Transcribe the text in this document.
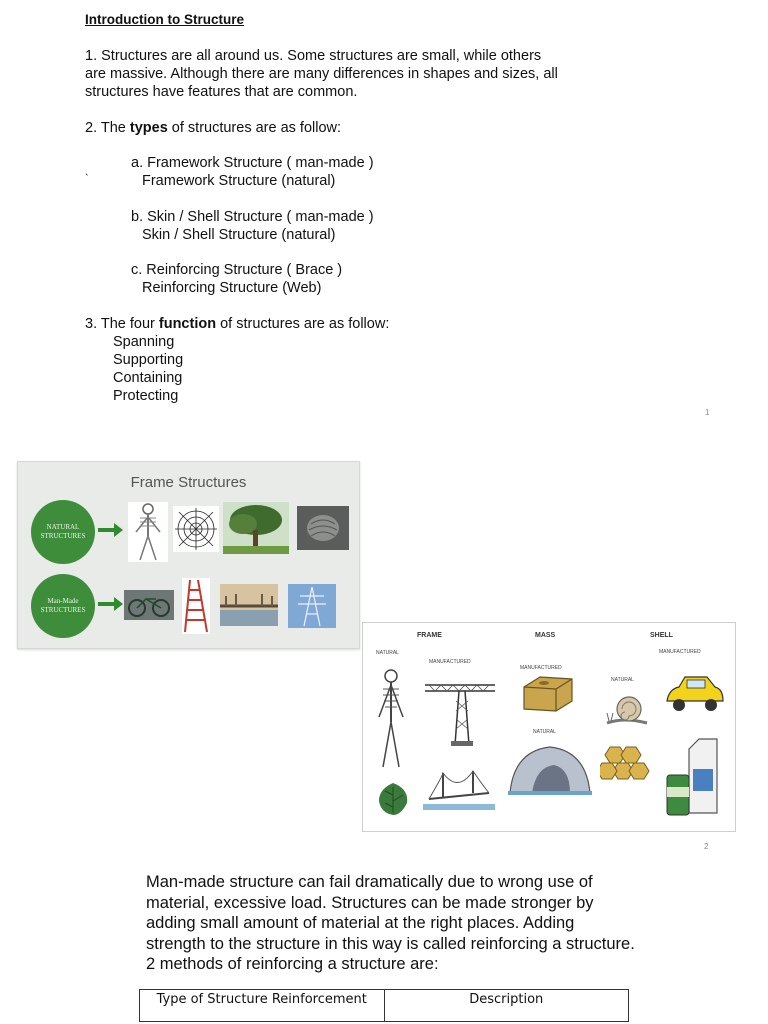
Introduction to Structure
1. Structures are all around us. Some structures are small, while others
are massive. Although there are many differences in shapes and sizes, all
structures have features that are common.
2. The types of structures are as follow:
a. Framework Structure ( man-made )
`	Framework Structure (natural)
b. Skin / Shell Structure ( man-made )
Skin / Shell Structure (natural)
c. Reinforcing Structure ( Brace )
Reinforcing Structure (Web)
3. The four function of structures are as follow:
Spanning
Supporting
Containing
Protecting
1
Frame Structures
NATURAL STRUCTURES
Man-Made STRUCTURES
FRAME	MASS	SHELL
NATURAL
MANUFACTURED
MANUFACTURED
NATURAL
MANUFACTURED
NATURAL
2
Man-made structure can fail dramatically due to wrong use of
material, excessive load. Structures can be made stronger by
adding small amount of material at the right places. Adding
strength to the structure in this way is called reinforcing a structure.
2 methods of reinforcing a structure are:
Type of Structure Reinforcement	Description
